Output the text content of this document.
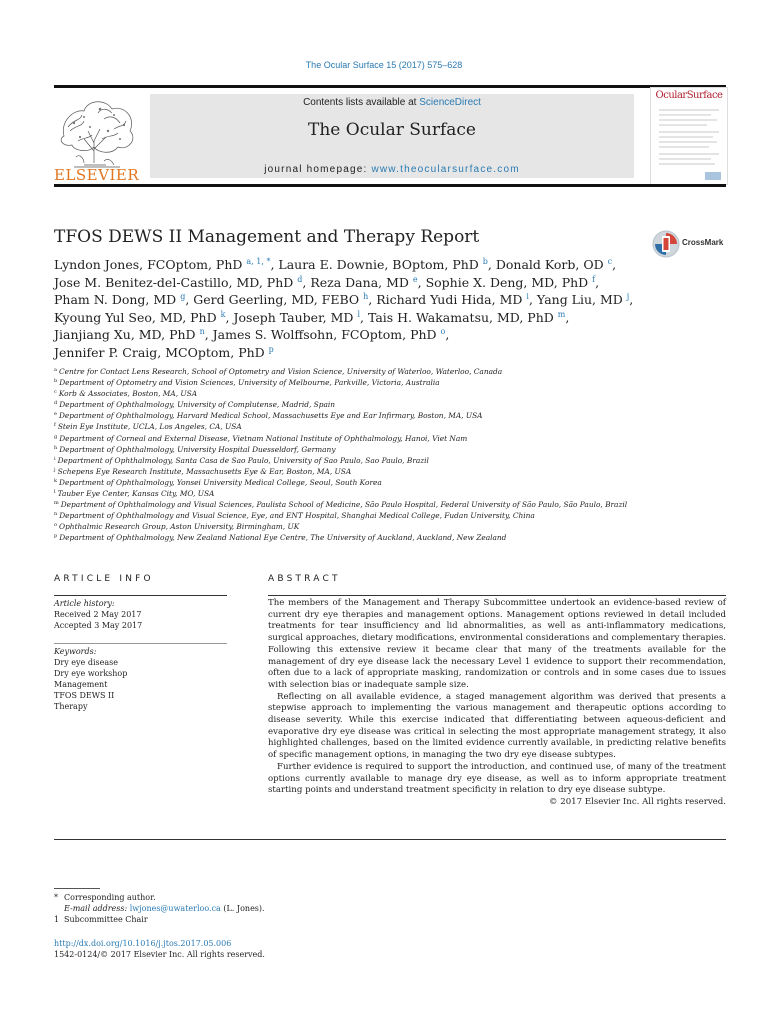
The Ocular Surface 15 (2017) 575–628
ELSEVIER
Contents lists available at ScienceDirect
The Ocular Surface
journal homepage: www.theocularsurface.com
OcularSurface
TFOS DEWS II Management and Therapy Report	CrossMark
Lyndon Jones, FCOptom, PhD $^{a, 1, *}$, Laura E. Downie, BOptom, PhD $^b$, Donald Korb, OD $^c$,
Jose M. Benitez-del-Castillo, MD, PhD $^d$, Reza Dana, MD $^e$, Sophie X. Deng, MD, PhD $^f$,
Pham N. Dong, MD $^g$, Gerd Geerling, MD, FEBO $^h$, Richard Yudi Hida, MD $^i$, Yang Liu, MD $^j$,
Kyoung Yul Seo, MD, PhD $^k$, Joseph Tauber, MD $^l$, Tais H. Wakamatsu, MD, PhD $^m$,
Jianjiang Xu, MD, PhD $^n$, James S. Wolffsohn, FCOptom, PhD $^o$,
Jennifer P. Craig, MCOptom, PhD $^p$
$^a$ Centre for Contact Lens Research, School of Optometry and Vision Science, University of Waterloo, Waterloo, Canada
$^b$ Department of Optometry and Vision Sciences, University of Melbourne, Parkville, Victoria, Australia
$^c$ Korb & Associates, Boston, MA, USA
$^d$ Department of Ophthalmology, University of Complutense, Madrid, Spain
$^e$ Department of Ophthalmology, Harvard Medical School, Massachusetts Eye and Ear Infirmary, Boston, MA, USA
$^f$ Stein Eye Institute, UCLA, Los Angeles, CA, USA
$^g$ Department of Corneal and External Disease, Vietnam National Institute of Ophthalmology, Hanoi, Viet Nam
$^h$ Department of Ophthalmology, University Hospital Duesseldorf, Germany
$^i$ Department of Ophthalmology, Santa Casa de Sao Paulo, University of Sao Paulo, Sao Paulo, Brazil
$^j$ Schepens Eye Research Institute, Massachusetts Eye & Ear, Boston, MA, USA
$^k$ Department of Ophthalmology, Yonsei University Medical College, Seoul, South Korea
$^l$ Tauber Eye Center, Kansas City, MO, USA
$^m$ Department of Ophthalmology and Visual Sciences, Paulista School of Medicine, São Paulo Hospital, Federal University of São Paulo, São Paulo, Brazil
$^n$ Department of Ophthalmology and Visual Science, Eye, and ENT Hospital, Shanghai Medical College, Fudan University, China
$^o$ Ophthalmic Research Group, Aston University, Birmingham, UK
$^p$ Department of Ophthalmology, New Zealand National Eye Centre, The University of Auckland, Auckland, New Zealand
ARTICLE INFO
Article history:
Received 2 May 2017
Accepted 3 May 2017
Keywords:
Dry eye disease
Dry eye workshop
Management
TFOS DEWS II
Therapy
ABSTRACT

The members of the Management and Therapy Subcommittee undertook an evidence-based review of current dry eye therapies and management options. Management options reviewed in detail included treatments for tear insufficiency and lid abnormalities, as well as anti-inflammatory medications, surgical approaches, dietary modifications, environmental considerations and complementary therapies. Following this extensive review it became clear that many of the treatments available for the management of dry eye disease lack the necessary Level 1 evidence to support their recommendation, often due to a lack of appropriate masking, randomization or controls and in some cases due to issues with selection bias or inadequate sample size.

Reflecting on all available evidence, a staged management algorithm was derived that presents a stepwise approach to implementing the various management and therapeutic options according to disease severity. While this exercise indicated that differentiating between aqueous-deficient and evaporative dry eye disease was critical in selecting the most appropriate management strategy, it also highlighted challenges, based on the limited evidence currently available, in predicting relative benefits of specific management options, in managing the two dry eye disease subtypes.

Further evidence is required to support the introduction, and continued use, of many of the treatment options currently available to manage dry eye disease, as well as to inform appropriate treatment starting points and understand treatment specificity in relation to dry eye disease subtype.

© 2017 Elsevier Inc. All rights reserved.

* Corresponding author.
E-mail address: lwjones@uwaterloo.ca (L. Jones).
1 Subcommittee Chair
http://dx.doi.org/10.1016/j.jtos.2017.05.006
1542-0124/© 2017 Elsevier Inc. All rights reserved.
